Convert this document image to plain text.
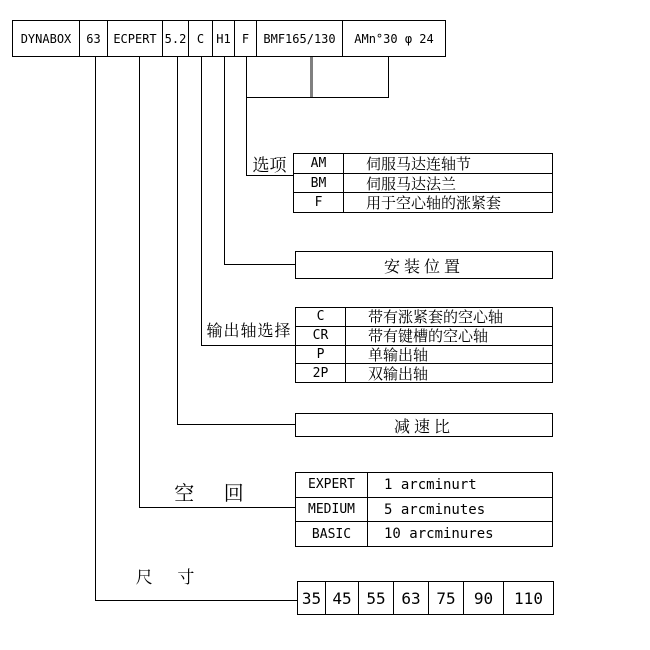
DYNABOX	63	ECPERT 5.2 C	H1 F	BMF165/130	AMn°30 φ 24
选项	AM	伺服马达连轴节
BM	伺服马达法兰
F	用于空心轴的涨紧套
安装位置
输出轴选择
C	带有涨紧套的空心轴
CR	带有键槽的空心轴
P	单输出轴
2P	双输出轴
减速比
空 回	EXPERT	1 arcminurt
MEDIUM	5 arcminutes
BASIC	10 arcminures
尺 寸
35 45 55 63 75	90	110
